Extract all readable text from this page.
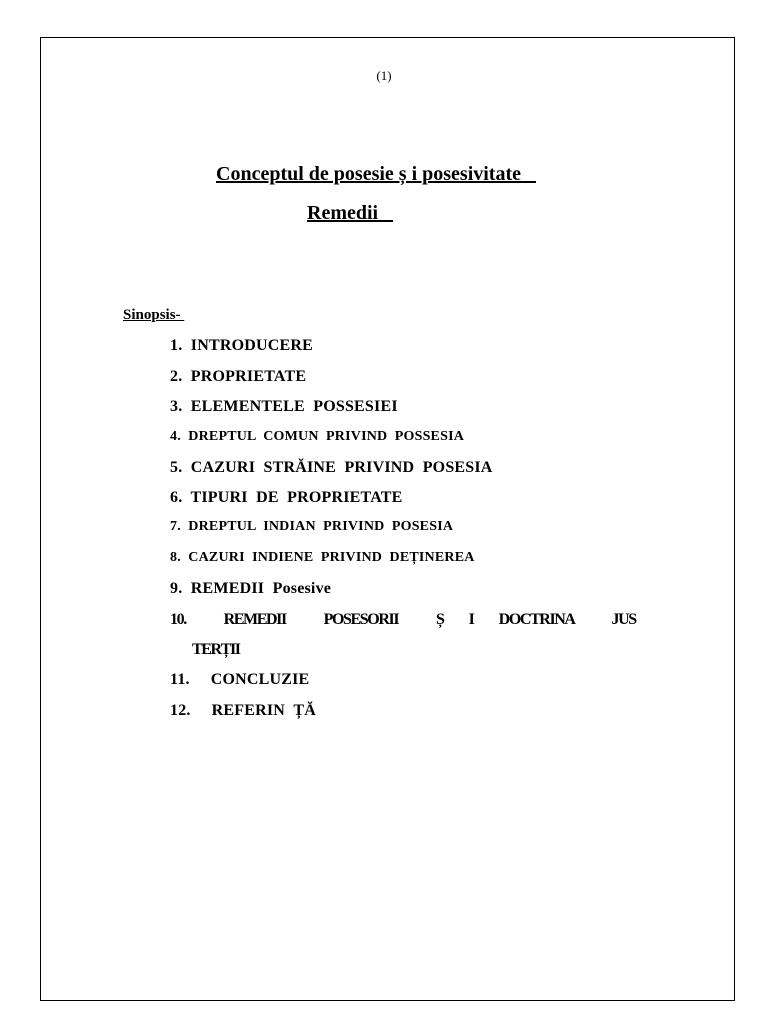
(1)
Conceptul de posesie ș i posesivitate
Remedii
Sinopsis-
1.  INTRODUCERE
2.  PROPRIETATE
3.  ELEMENTELE  POSSESIEI
4.  DREPTUL  COMUN  PRIVIND  POSSESIA
5.  CAZURI  STRĂINE  PRIVIND  POSESIA
6.  TIPURI  DE  PROPRIETATE
7.  DREPTUL  INDIAN  PRIVIND  POSESIA
8.  CAZURI  INDIENE  PRIVIND  DEȚINEREA
9.  REMEDII  Posesive
10.   REMEDII   POSESORII   Ș  I  DOCTRINA   JUS
TERȚII
11.     CONCLUZIE
12.     REFERIN  ȚĂ
